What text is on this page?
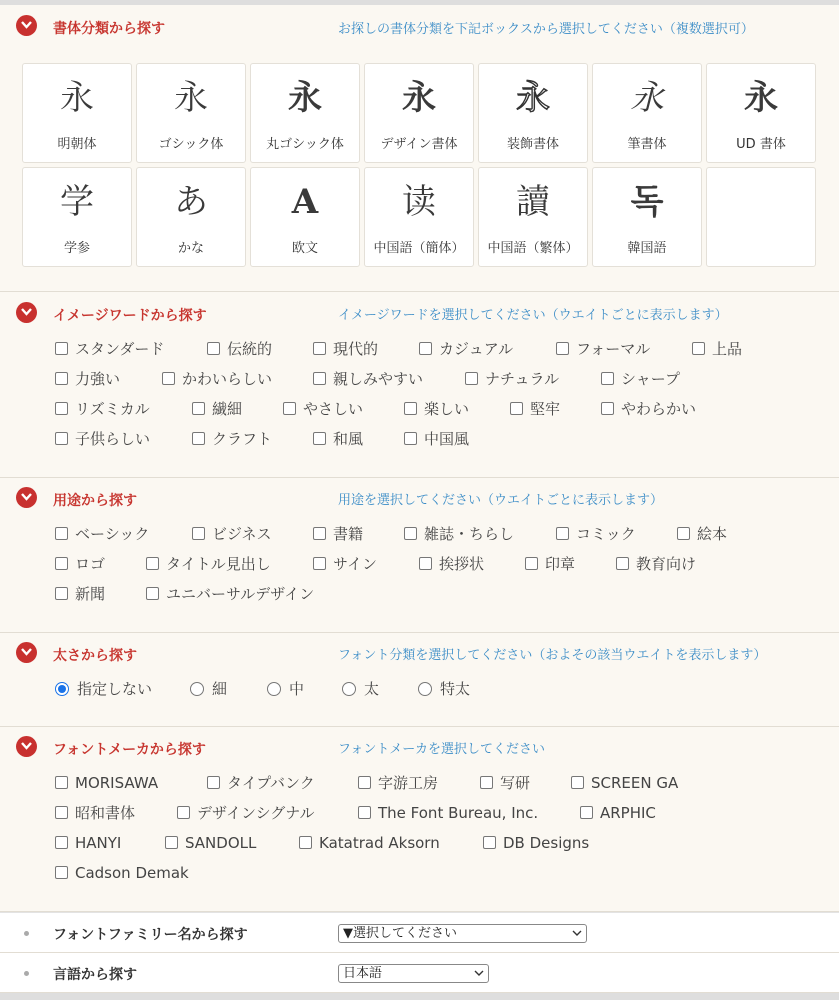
書体分類から探す	お探しの書体分類を下記ボックスから選択してください（複数選択可）
永
明朝体
永
ゴシック体
永
丸ゴシック体
永
デザイン書体
永
装飾書体
永
筆書体
永
UD 書体
学
学参
あ
かな
A
欧文
读
中国語（簡体）
讀
中国語（繁体）
독
韓国語
イメージワードから探す	イメージワードを選択してください（ウエイトごとに表示します）
スタンダード	伝統的	現代的	カジュアル	フォーマル	上品
力強い	かわいらしい	親しみやすい	ナチュラル	シャープ
リズミカル	繊細	やさしい	楽しい	堅牢	やわらかい
子供らしい	クラフト	和風	中国風
用途から探す	用途を選択してください（ウエイトごとに表示します）
ベーシック	ビジネス	書籍	雑誌・ちらし	コミック	絵本
ロゴ	タイトル見出し	サイン	挨拶状	印章	教育向け
新聞	ユニバーサルデザイン
太さから探す	フォント分類を選択してください（およその該当ウエイトを表示します）
指定しない	細	中	太	特太
フォントメーカから探す	フォントメーカを選択してください
MORISAWA	タイプバンク	字游工房	写研	SCREEN GA
昭和書体	デザインシグナル	The Font Bureau, Inc.	ARPHIC
HANYI	SANDOLL	Katatrad Aksorn	DB Designs
Cadson Demak
フォントファミリー名から探す	▼選択してください
言語から探す	日本語
